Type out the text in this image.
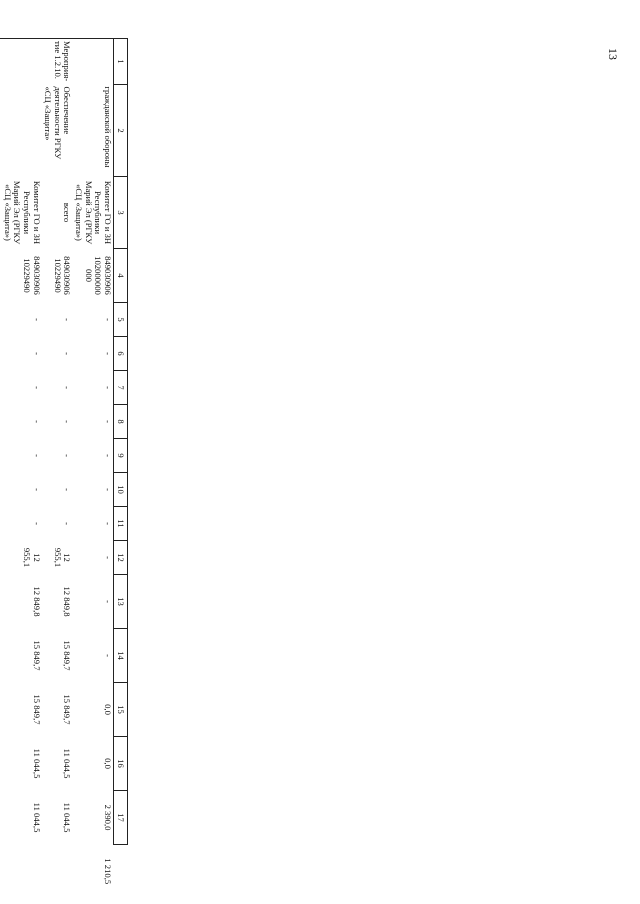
13
1	2	3	4	5	6	7	8	9	10	11	12	13	14	15	16	17	
	гражданской обороны	Комитет ГО и ЗН Республики Марий Эл (РГКУ «СЦ «Защита»)	849030906 102000000 000	-	-	-	-	-	-	-	-	-	-	0,0	0,0	2 390,0	1 210,5
Мероприя-тие 1.2.10.	Обеспечение деятельности РГКУ «СЦ «Защита»	всего	849030906 10229490	-	-	-	-	-	-	-	12 955,1	12 849,8	15 849,7	15 849,7	11 044,5	11 044,5	
		Комитет ГО и ЗН Республики Марий Эл (РГКУ «СЦ «Защита»)	849030906 10229490	-	-	-	-	-	-	-	12 955,1	12 849,8	15 849,7	15 849,7	11 044,5	11 044,5	
